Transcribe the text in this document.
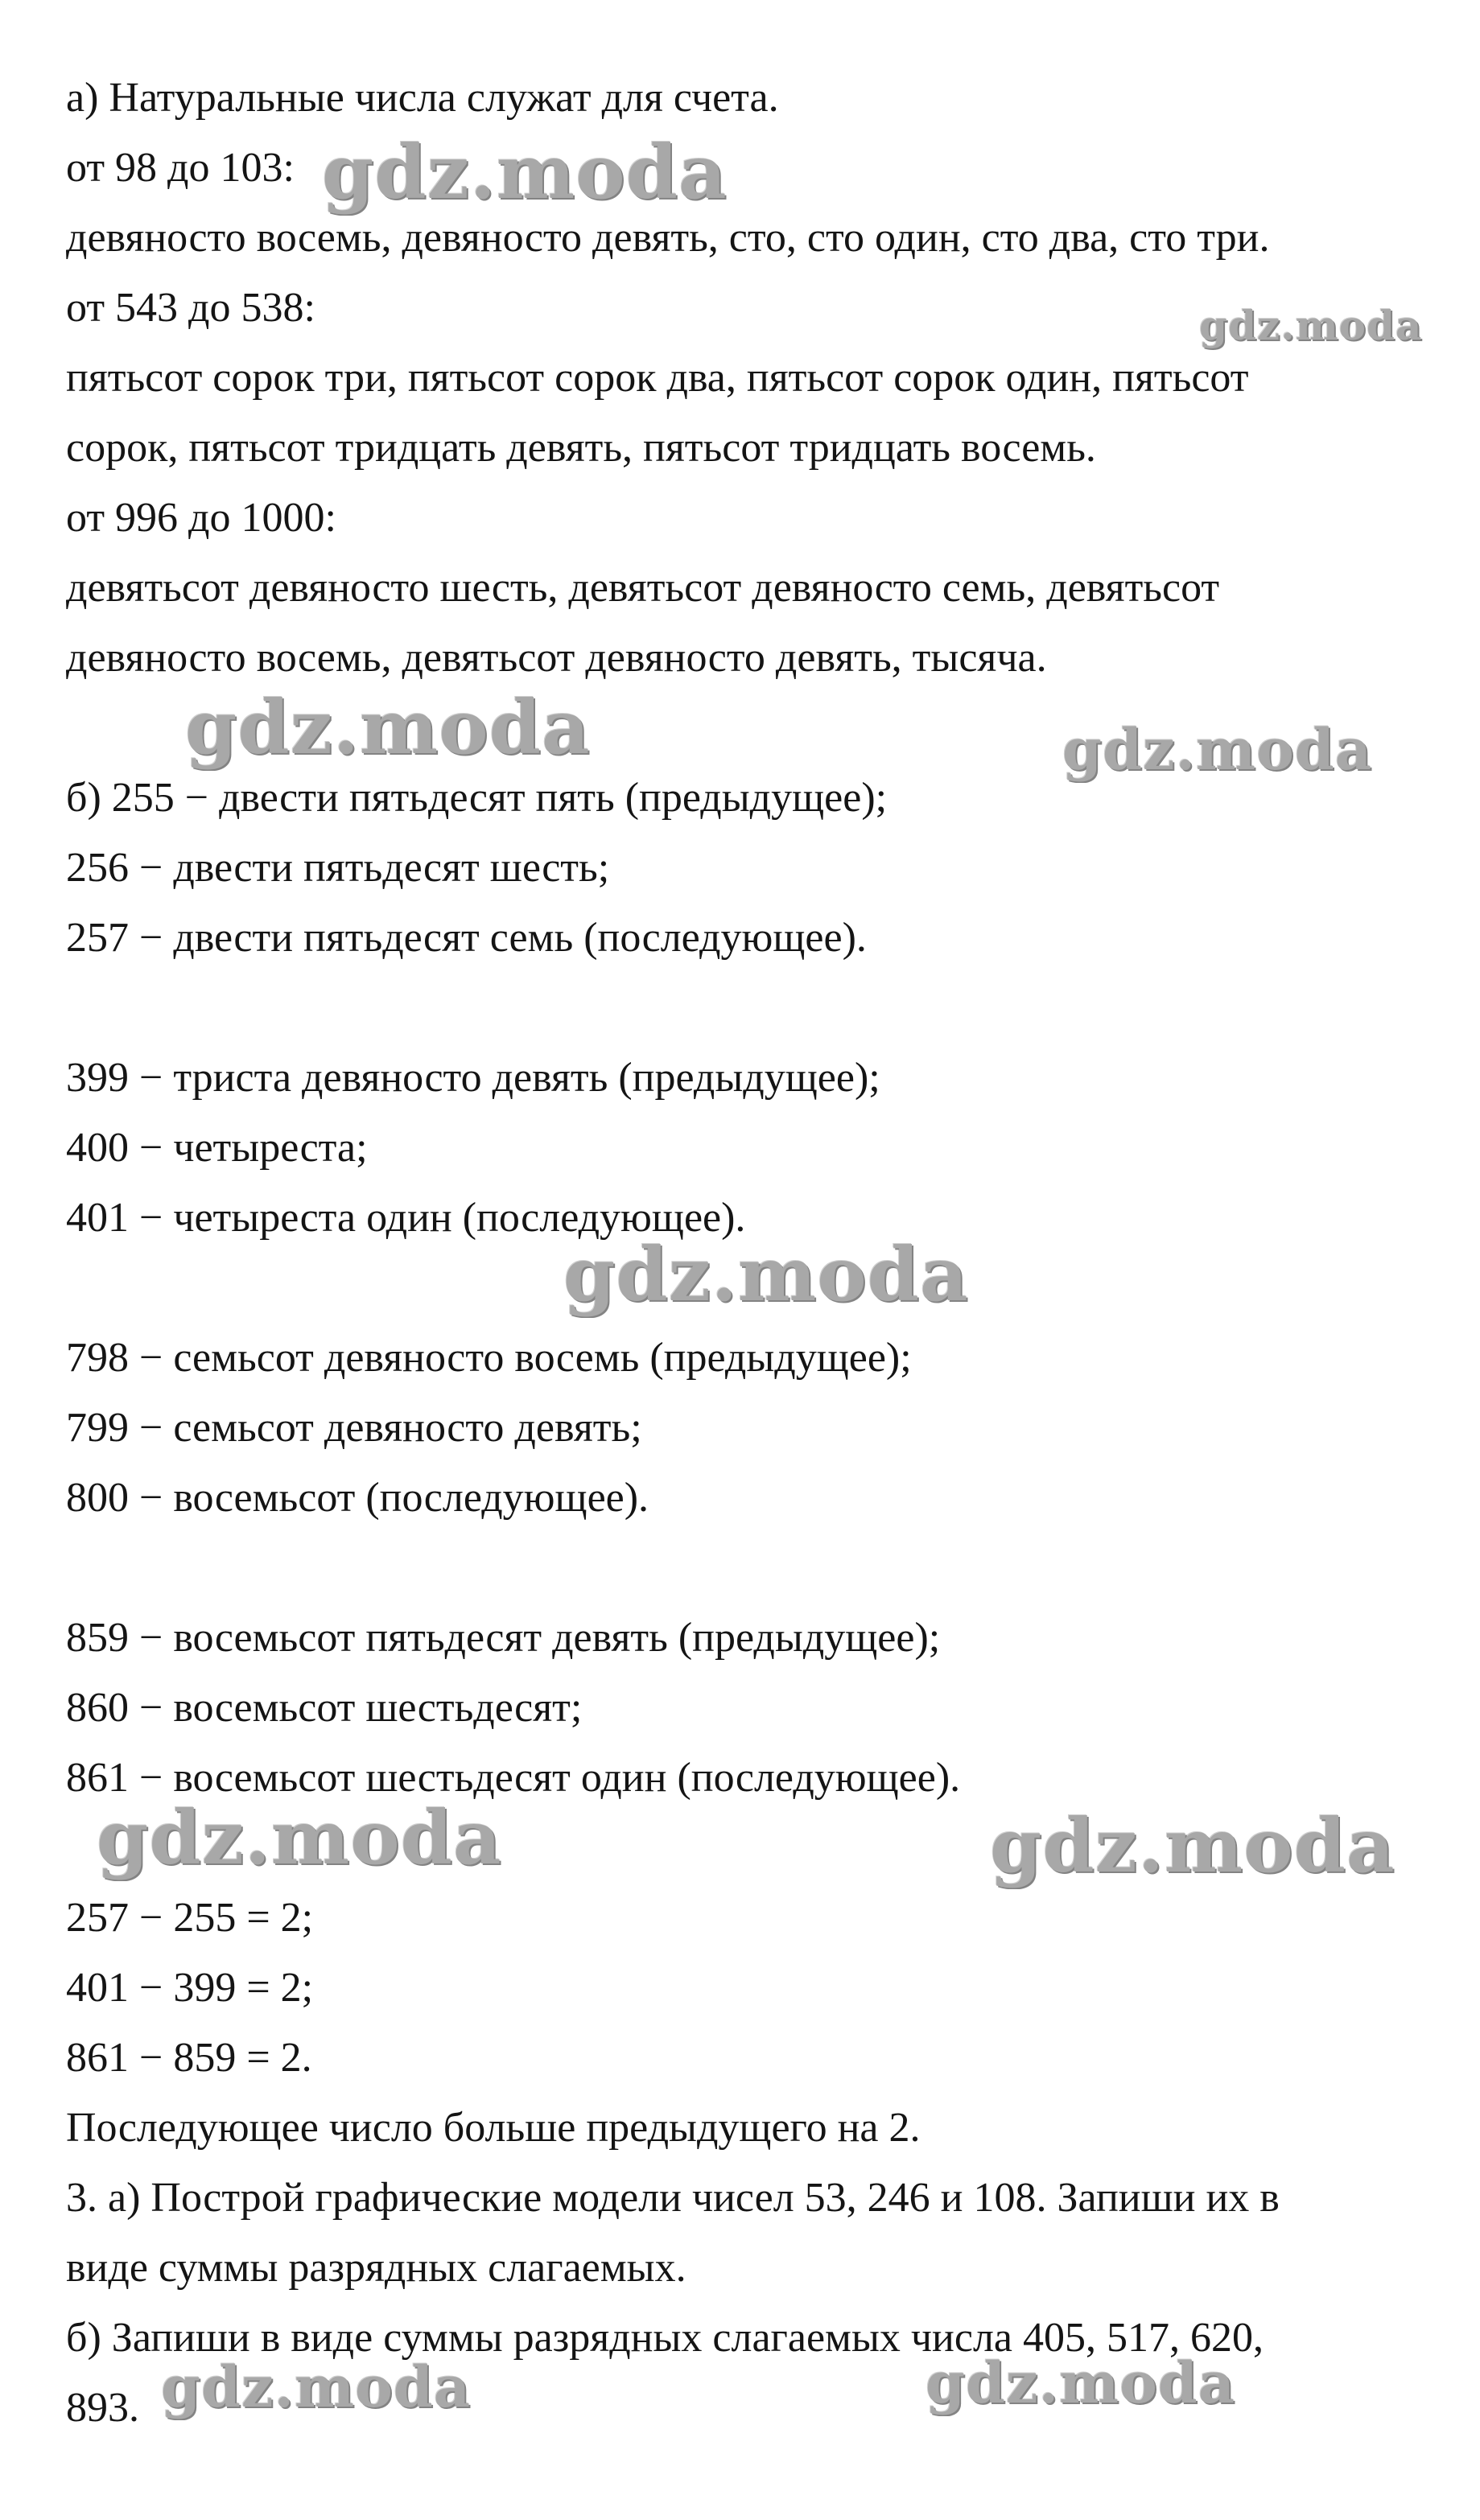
а) Натуральные числа служат для счета.
от 98 до 103:
девяносто восемь, девяносто девять, сто, сто один, сто два, сто три.
от 543 до 538:
пятьсот сорок три, пятьсот сорок два, пятьсот сорок один, пятьсот
сорок, пятьсот тридцать девять, пятьсот тридцать восемь.
от 996 до 1000:
девятьсот девяносто шесть, девятьсот девяносто семь, девятьсот
девяносто восемь, девятьсот девяносто девять, тысяча.
б) 255 − двести пятьдесят пять (предыдущее);
256 − двести пятьдесят шесть;
257 − двести пятьдесят семь (последующее).
399 − триста девяносто девять (предыдущее);
400 − четыреста;
401 − четыреста один (последующее).
798 − семьсот девяносто восемь (предыдущее);
799 − семьсот девяносто девять;
800 − восемьсот (последующее).
859 − восемьсот пятьдесят девять (предыдущее);
860 − восемьсот шестьдесят;
861 − восемьсот шестьдесят один (последующее).
257 − 255 = 2;
401 − 399 = 2;
861 − 859 = 2.
Последующее число больше предыдущего на 2.
3. а) Построй графические модели чисел 53, 246 и 108. Запиши их в
виде суммы разрядных слагаемых.
б) Запиши в виде суммы разрядных слагаемых числа 405, 517, 620,
893.
gdz.moda
gdz.moda
gdz.moda	gdz.moda
gdz.moda
gdz.moda	gdz.moda
gdz.moda	gdz.moda
